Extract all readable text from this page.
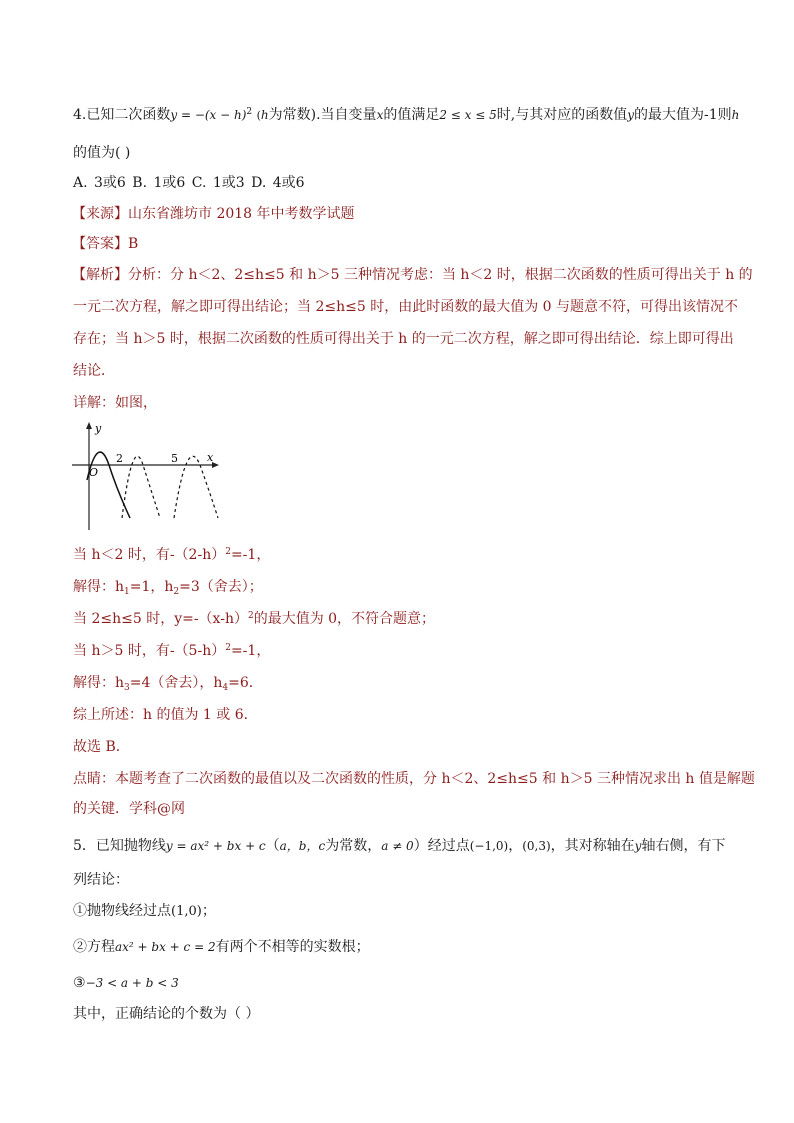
4.已知二次函数$y = -(x - h)^2$ (h为常数).当自变量x的值满足2 ≤ x ≤ 5时,与其对应的函数值y的最大值为-1则h
的值为( )
A. 3或6 B. 1或6 C. 1或3 D. 4或6
【来源】山东省潍坊市 2018 年中考数学试题
【答案】B
【解析】分析：分 h＜2、2≤h≤5 和 h＞5 三种情况考虑：当 h＜2 时，根据二次函数的性质可得出关于 h 的
一元二次方程，解之即可得出结论；当 2≤h≤5 时，由此时函数的最大值为 0 与题意不符，可得出该情况不
存在；当 h＞5 时，根据二次函数的性质可得出关于 h 的一元二次方程，解之即可得出结论．综上即可得出
结论．
详解：如图，
y
x
O
2	5
当 h＜2 时，有$-(2-h)^2=-1$，
解得：$h_1=1$，$h_2=3$（舍去）；
当 2≤h≤5 时，$y=-(x-h)^2$的最大值为 0，不符合题意；
当 h＞5 时，有$-(5-h)^2=-1$，
解得：$h_3=4$（舍去），$h_4=6$．
综上所述：h 的值为 1 或 6．
故选 B．
点睛：本题考查了二次函数的最值以及二次函数的性质，分 h＜2、2≤h≤5 和 h＞5 三种情况求出 h 值是解题
的关键．学科@网
5．已知抛物线y = ax² + bx + c（a，b，c为常数，a ≠ 0）经过点(−1,0)，(0,3)，其对称轴在y轴右侧，有下
列结论：
①抛物线经过点(1,0)；
②方程ax² + bx + c = 2有两个不相等的实数根；
③−3 < a + b < 3
其中，正确结论的个数为（ ）
